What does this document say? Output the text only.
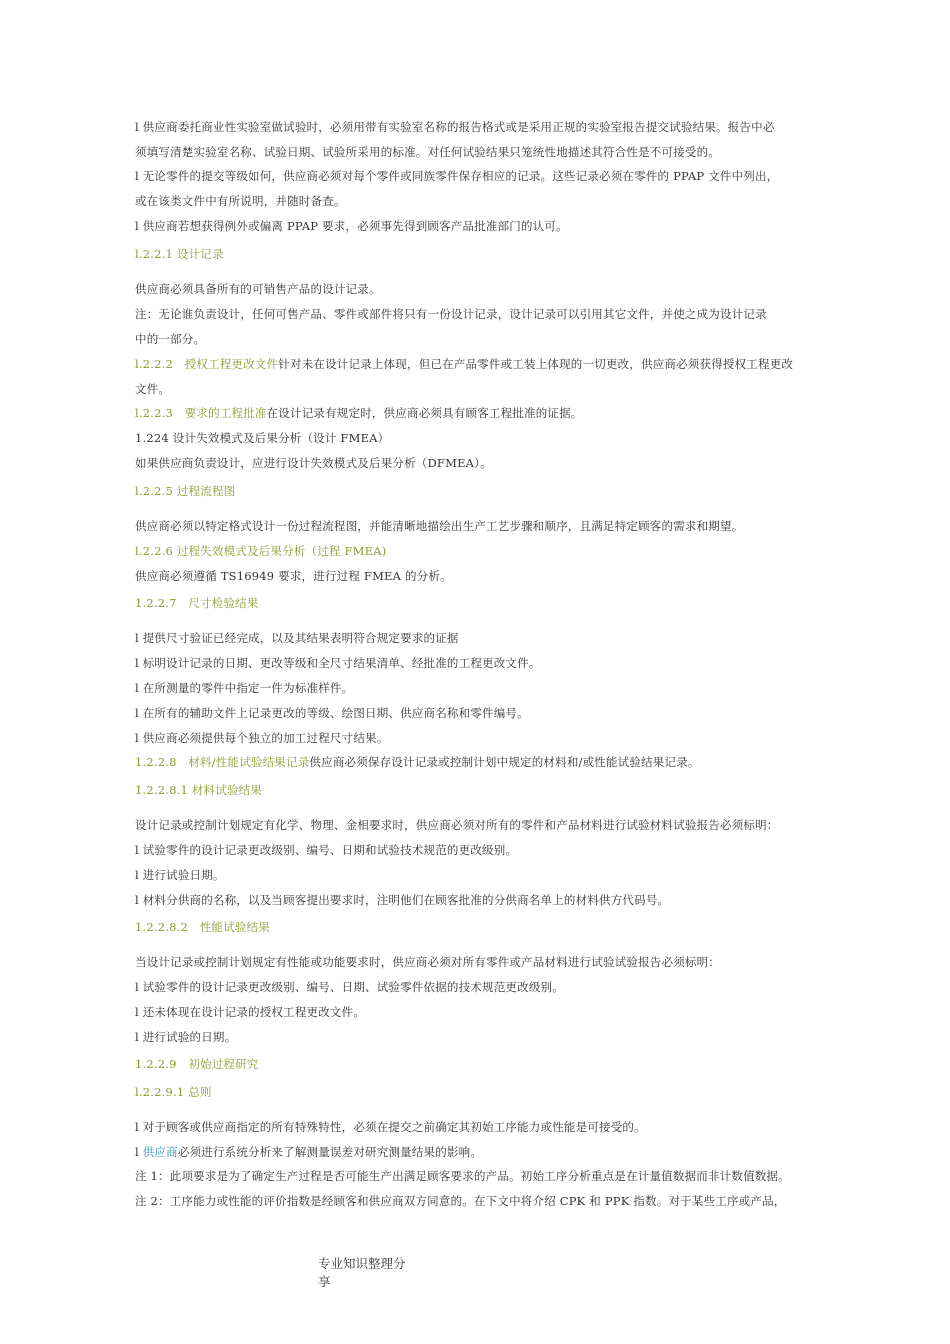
l 供应商委托商业性实验室做试验时，必须用带有实验室名称的报告格式或是采用正规的实验室报告提交试验结果。报告中必
须填写清楚实验室名称、试验日期、试验所采用的标准。对任何试验结果只笼统性地描述其符合性是不可接受的。
l 无论零件的提交等级如何，供应商必须对每个零件或同族零件保存相应的记录。这些记录必须在零件的 PPAP 文件中列出，
或在该类文件中有所说明，并随时备查。
l 供应商若想获得例外或偏离 PPAP 要求，必须事先得到顾客产品批准部门的认可。
l.2.2.1 设计记录
供应商必须具备所有的可销售产品的设计记录。
注：无论谁负责设计，任何可售产品、零件或部件将只有一份设计记录，设计记录可以引用其它文件，并使之成为设计记录
中的一部分。
l.2.2.2　授权工程更改文件针对未在设计记录上体现，但已在产品零件或工装上体现的一切更改，供应商必须获得授权工程更改
文件。
l.2.2.3　要求的工程批准在设计记录有规定时，供应商必须具有顾客工程批准的证据。
1.224 设计失效模式及后果分析（设计 FMEA）
如果供应商负责设计，应进行设计失效模式及后果分析（DFMEA）。
l.2.2.5 过程流程图
供应商必须以特定格式设计一份过程流程图，并能清晰地描绘出生产工艺步骤和顺序，且满足特定顾客的需求和期望。
l.2.2.6 过程失效模式及后果分析（过程 FMEA)
供应商必须遵循 TS16949 要求，进行过程 FMEA 的分析。
1.2.2.7　尺寸检验结果
l 提供尺寸验证已经完成，以及其结果表明符合规定要求的证据
l 标明设计记录的日期、更改等级和全尺寸结果清单、经批准的工程更改文件。
l 在所测量的零件中指定一件为标准样件。
l 在所有的辅助文件上记录更改的等级、绘图日期、供应商名称和零件编号。
l 供应商必须提供每个独立的加工过程尺寸结果。
1.2.2.8　材料/性能试验结果记录供应商必须保存设计记录或控制计划中规定的材料和/或性能试验结果记录。
1.2.2.8.1 材料试验结果
设计记录或控制计划规定有化学、物理、金相要求时，供应商必须对所有的零件和产品材料进行试验材料试验报告必须标明：
l 试验零件的设计记录更改级别、编号、日期和试验技术规范的更改级别。
l 进行试验日期。
l 材料分供商的名称，以及当顾客提出要求时，注明他们在顾客批准的分供商名单上的材料供方代码号。
1.2.2.8.2　性能试验结果
当设计记录或控制计划规定有性能或功能要求时，供应商必须对所有零件或产品材料进行试验试验报告必须标明：
l 试验零件的设计记录更改级别、编号、日期、试验零件依据的技术规范更改级别。
l 还未体现在设计记录的授权工程更改文件。
l 进行试验的日期。
1.2.2.9　初始过程研究
l.2.2.9.1 总则
l 对于顾客或供应商指定的所有特殊特性，必须在提交之前确定其初始工序能力或性能是可接受的。
l 供应商必须进行系统分析来了解测量误差对研究测量结果的影响。
注 1：此项要求是为了确定生产过程是否可能生产出满足顾客要求的产品。初始工序分析重点是在计量值数据而非计数值数据。
注 2：工序能力或性能的评价指数是经顾客和供应商双方同意的。在下文中将介绍 CPK 和 PPK 指数。对于某些工序或产品，
专业知识整理分
享
